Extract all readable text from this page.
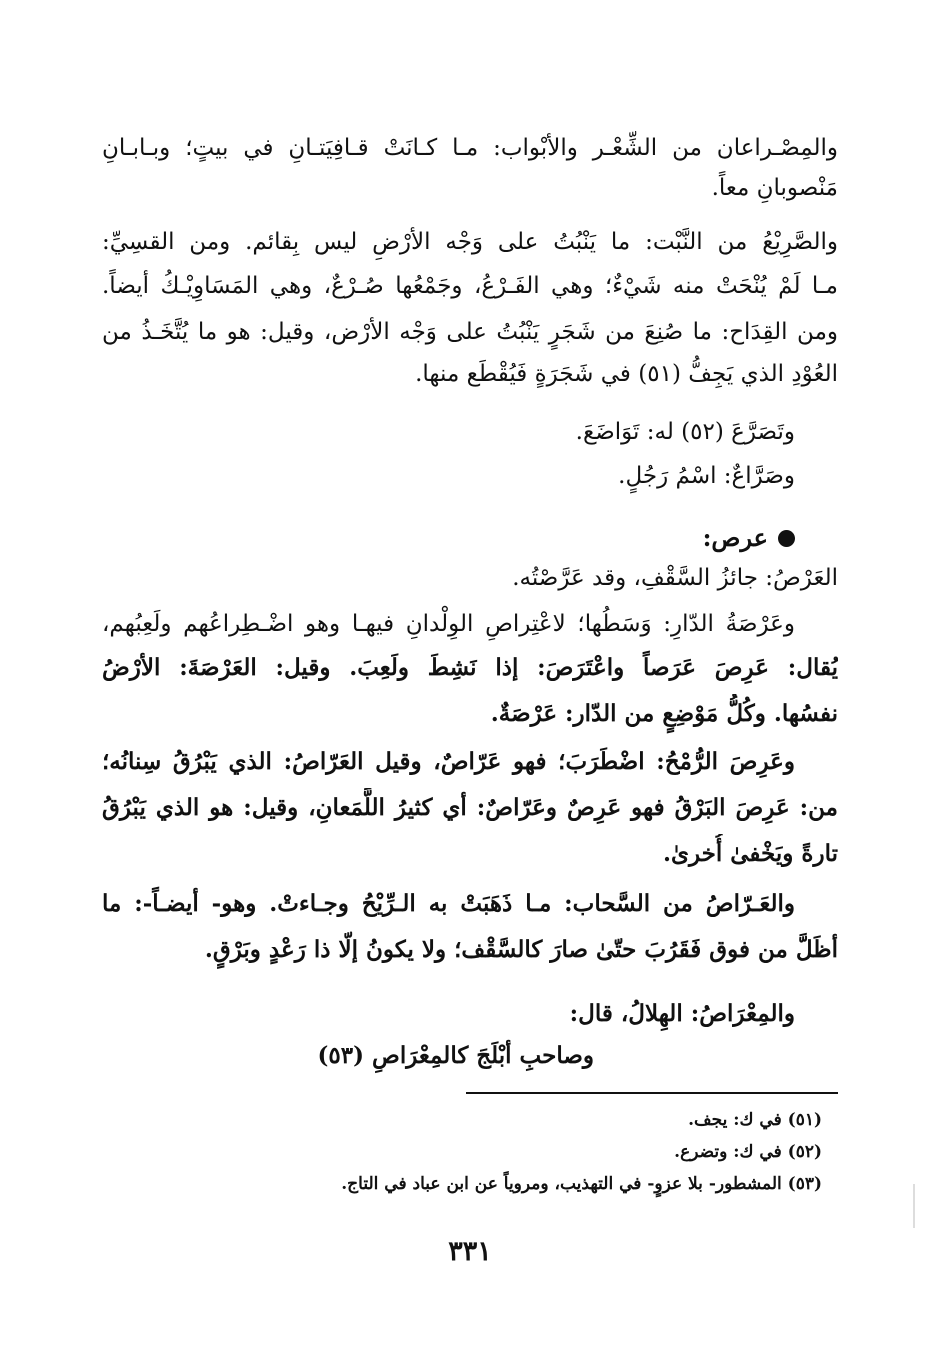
والمِصْـراعان من الشِّعْـر والأبْواب: مـا كـانَتْ قـافِيَتـانِ في بيتٍ؛ وبـابـانِ
مَنْصوبانِ معاً.
والصَّرِيْعُ من النَّبْت: ما يَنْبُتُ على وَجْه الأرْضِ ليس بِقائم. ومن القسِيِّ:
مـا لَمْ يُنْحَتْ منه شَيْءٌ؛ وهي الفَـرْعُ، وجَمْعُها صُـرْعٌ، وهي المَسَاوِيْـكُ أيضاً.
ومن القِدَاح: ما صُنِعَ من شَجَرٍ يَنْبُتُ على وَجْه الأرْض، وقيل: هو ما يُتَّخَـذُ من
العُوْدِ الذي يَجِفُّ (٥١) في شَجَرَةٍ فَيُقْطَع منها.
وتَصَرَّعَ (٥٢) له: تَوَاضَعَ.
وصَرَّاعٌ: اسْمُ رَجُلٍ.
عرص:
العَرْصُ: جائزُ السَّقْفِ، وقد عَرَّصْتُه.
وعَرْصَةُ الدّارِ: وَسَطُها؛ لاعْتِراصِ الوِلْدانِ فيهـا وهو اضْـطِراعُهم ولَعِبُهم،
يُقال: عَرِصَ عَرَصاً واعْتَرَصَ: إذا نَشِطَ ولَعِبَ. وقيل: العَرْصَةَ: الأرْضُ
نفسُها. وكُلُّ مَوْضِعٍ من الدّار: عَرْصَةٌ.
وعَرِصَ الرُّمْحُ: اضْطَرَبَ؛ فهو عَرّاصٌ، وقيل العَرّاصُ: الذي يَبْرُقُ سِنانُه؛
من: عَرِصَ البَرْقُ فهو عَرِصٌ وعَرّاصٌ: أي كثيرُ اللَّمَعانِ، وقيل: هو الذي يَبْرُقُ
تارةً ويَخْفىٰ أُخرىٰ.
والعَـرّاصُ من السَّحاب: مـا ذَهَبَتْ به الـرِّيْحُ وجـاءتْ. وهو- أيضـاً-: ما
أظَلَّ من فوق فَقَرُبَ حتّىٰ صارَ كالسَّقْف؛ ولا يكونُ إلّا ذا رَعْدٍ وبَرْقٍ.
والمِعْرَاصُ: الهِلالُ، قال:
وصاحبِ أبْلَجَ كالمِعْرَاصِ (٥٣)
(٥١) في ك: يجف.
(٥٢) في ك: وتضرع.
(٥٣) المشطور- بلا عزوٍ- في التهذيب، ومروياً عن ابن عباد في التاج.
٣٣١
